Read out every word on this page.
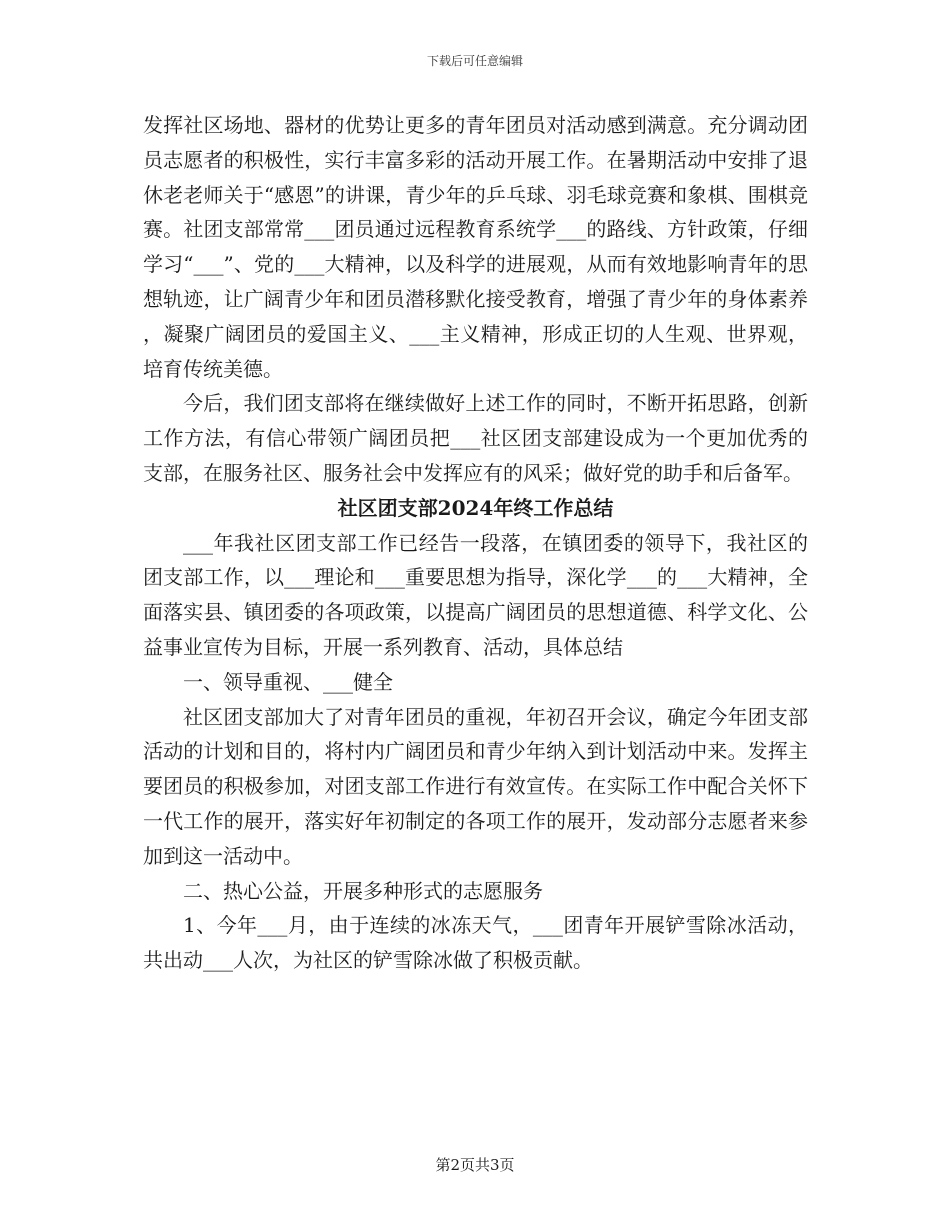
下载后可任意编辑

发挥社区场地、器材的优势让更多的青年团员对活动感到满意。充分调动团员志愿者的积极性，实行丰富多彩的活动开展工作。在暑期活动中安排了退休老老师关于“感恩”的讲课，青少年的乒乓球、羽毛球竞赛和象棋、围棋竞赛。社团支部常常___团员通过远程教育系统学___的路线、方针政策，仔细学习“___”、党的___大精神，以及科学的进展观，从而有效地影响青年的思想轨迹，让广阔青少年和团员潜移默化接受教育，增强了青少年的身体素养，凝聚广阔团员的爱国主义、___主义精神，形成正切的人生观、世界观，培育传统美德。

今后，我们团支部将在继续做好上述工作的同时，不断开拓思路，创新工作方法，有信心带领广阔团员把___社区团支部建设成为一个更加优秀的支部，在服务社区、服务社会中发挥应有的风采；做好党的助手和后备军。

社区团支部2024年终工作总结

___年我社区团支部工作已经告一段落，在镇团委的领导下，我社区的团支部工作，以___理论和___重要思想为指导，深化学___的___大精神，全面落实县、镇团委的各项政策，以提高广阔团员的思想道德、科学文化、公益事业宣传为目标，开展一系列教育、活动，具体总结

一、领导重视、___健全

社区团支部加大了对青年团员的重视，年初召开会议，确定今年团支部活动的计划和目的，将村内广阔团员和青少年纳入到计划活动中来。发挥主要团员的积极参加，对团支部工作进行有效宣传。在实际工作中配合关怀下一代工作的展开，落实好年初制定的各项工作的展开，发动部分志愿者来参加到这一活动中。

二、热心公益，开展多种形式的志愿服务

1、今年___月，由于连续的冰冻天气，___团青年开展铲雪除冰活动，共出动___人次，为社区的铲雪除冰做了积极贡献。

第2页共3页
